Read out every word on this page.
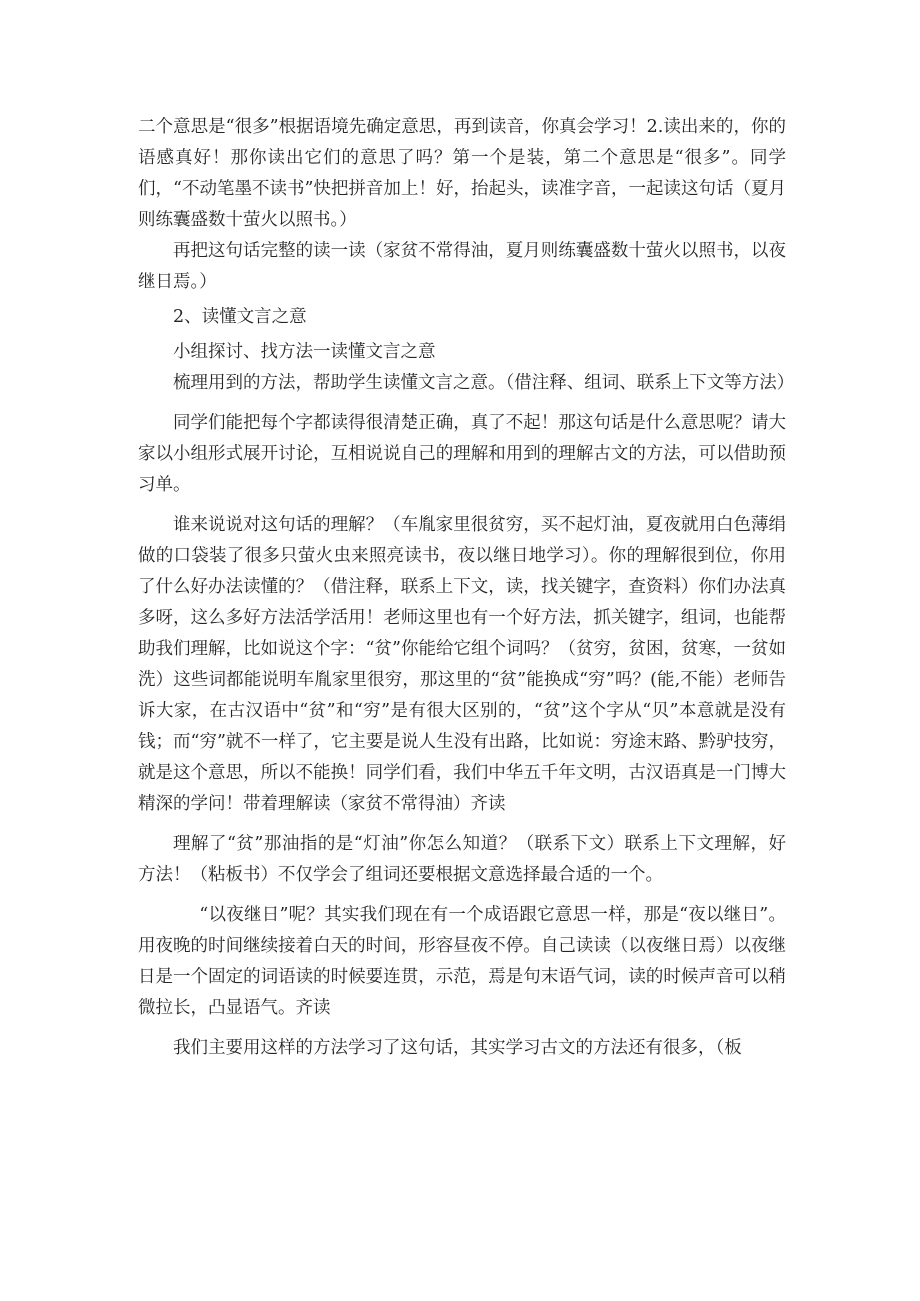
二个意思是“很多”根据语境先确定意思，再到读音，你真会学习！2.读出来的，你的语感真好！那你读出它们的意思了吗？第一个是装，第二个意思是“很多”。同学们，“不动笔墨不读书”快把拼音加上！好，抬起头，读准字音，一起读这句话（夏月则练囊盛数十萤火以照书。）

再把这句话完整的读一读（家贫不常得油，夏月则练囊盛数十萤火以照书，以夜继日焉。）

2、读懂文言之意

小组探讨、找方法一读懂文言之意

梳理用到的方法，帮助学生读懂文言之意。（借注释、组词、联系上下文等方法）

同学们能把每个字都读得很清楚正确，真了不起！那这句话是什么意思呢？请大家以小组形式展开讨论，互相说说自己的理解和用到的理解古文的方法，可以借助预习单。

谁来说说对这句话的理解？（车胤家里很贫穷，买不起灯油，夏夜就用白色薄绢做的口袋装了很多只萤火虫来照亮读书，夜以继日地学习）。你的理解很到位，你用了什么好办法读懂的？（借注释，联系上下文，读，找关键字，查资料）你们办法真多呀，这么多好方法活学活用！老师这里也有一个好方法，抓关键字，组词，也能帮助我们理解，比如说这个字：“贫”你能给它组个词吗？（贫穷，贫困，贫寒，一贫如洗）这些词都能说明车胤家里很穷，那这里的“贫”能换成“穷”吗？(能,不能）老师告诉大家，在古汉语中“贫”和“穷”是有很大区别的，“贫”这个字从“贝”本意就是没有钱；而“穷”就不一样了，它主要是说人生没有出路，比如说：穷途末路、黔驴技穷，就是这个意思，所以不能换！同学们看，我们中华五千年文明，古汉语真是一门博大精深的学问！带着理解读（家贫不常得油）齐读

理解了“贫”那油指的是“灯油”你怎么知道？（联系下文）联系上下文理解，好方法！（粘板书）不仅学会了组词还要根据文意选择最合适的一个。

“以夜继日”呢？其实我们现在有一个成语跟它意思一样，那是“夜以继日”。用夜晚的时间继续接着白天的时间，形容昼夜不停。自己读读（以夜继日焉）以夜继日是一个固定的词语读的时候要连贯，示范，焉是句末语气词，读的时候声音可以稍微拉长，凸显语气。齐读

我们主要用这样的方法学习了这句话，其实学习古文的方法还有很多，（板
